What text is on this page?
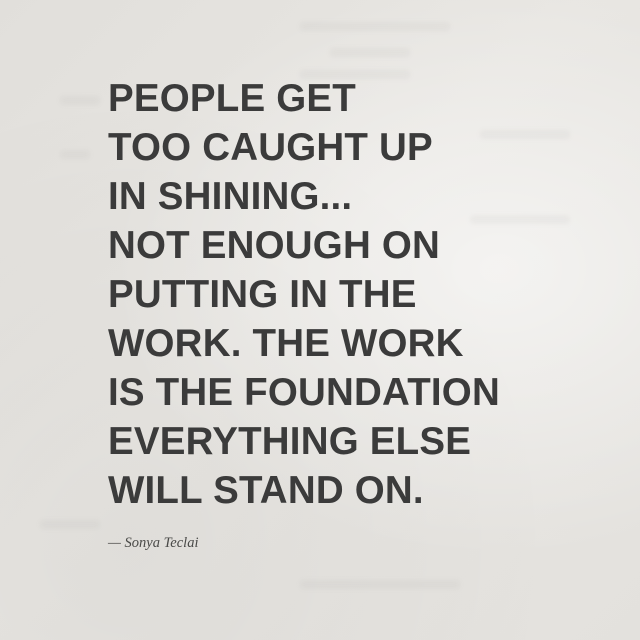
PEOPLE GET
TOO CAUGHT UP
IN SHINING...
NOT ENOUGH ON
PUTTING IN THE
WORK. THE WORK
IS THE FOUNDATION
EVERYTHING ELSE
WILL STAND ON.

— Sonya Teclai
